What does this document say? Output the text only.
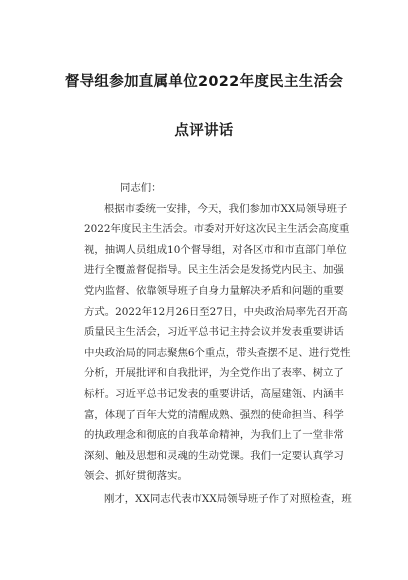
督导组参加直属单位2022年度民主生活会
点评讲话
同志们：
根据市委统一安排，今天，我们参加市XX局领导班子
2022年度民主生活会。市委对开好这次民主生活会高度重
视，抽调人员组成10个督导组，对各区市和市直部门单位
进行全覆盖督促指导。民主生活会是发扬党内民主、加强
党内监督、依靠领导班子自身力量解决矛盾和问题的重要
方式。2022年12月26日至27日，中央政治局率先召开高
质量民主生活会，习近平总书记主持会议并发表重要讲话
中央政治局的同志聚焦6个重点，带头查摆不足、进行党性
分析，开展批评和自我批评，为全党作出了表率、树立了
标杆。习近平总书记发表的重要讲话，高屋建瓴、内涵丰
富，体现了百年大党的清醒成熟、强烈的使命担当、科学
的执政理念和彻底的自我革命精神，为我们上了一堂非常
深刻、触及思想和灵魂的生动党课。我们一定要认真学习
领会、抓好贯彻落实。
刚才，XX同志代表市XX局领导班子作了对照检查，班
